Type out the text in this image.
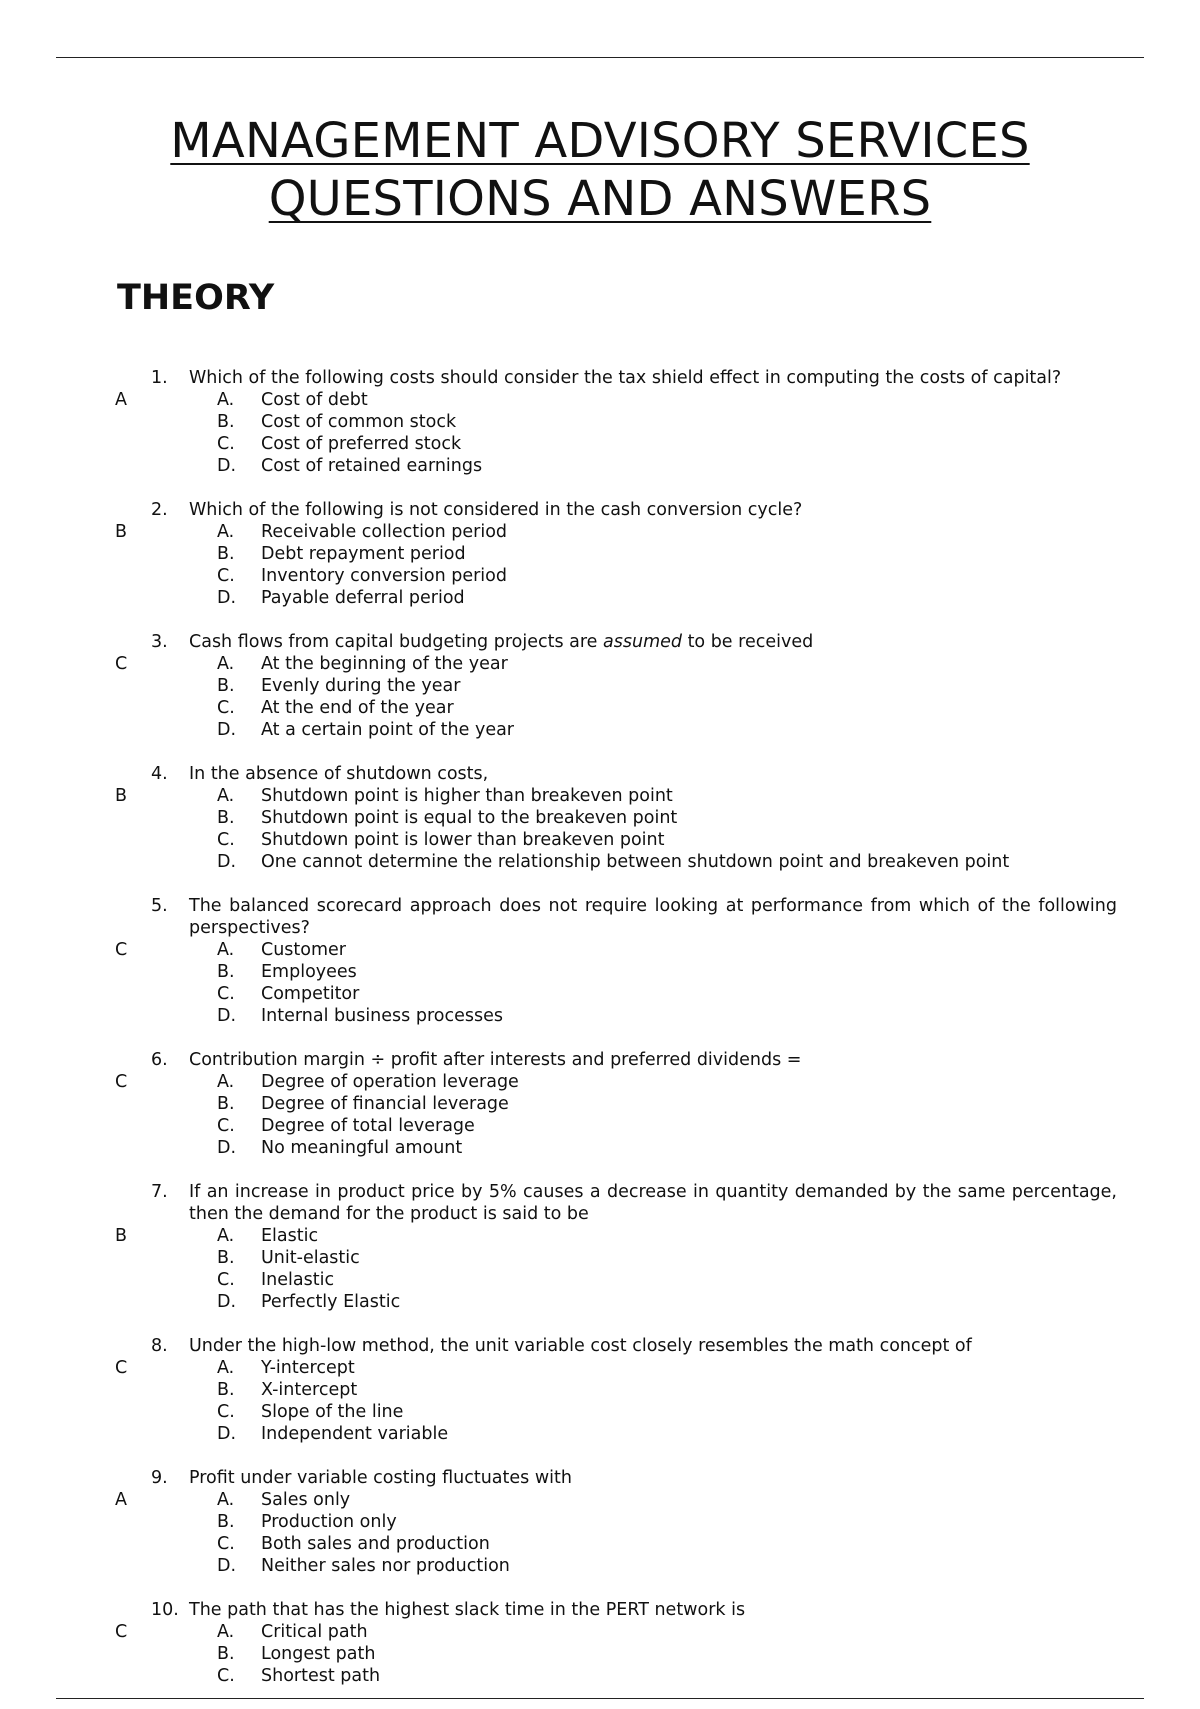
MANAGEMENT ADVISORY SERVICES
QUESTIONS AND ANSWERS
THEORY
1. Which of the following costs should consider the tax shield effect in computing the costs of capital?
A	A.	Cost of debt
B.	Cost of common stock
C.	Cost of preferred stock
D.	Cost of retained earnings
2. Which of the following is not considered in the cash conversion cycle?
B	A.	Receivable collection period
B.	Debt repayment period
C.	Inventory conversion period
D.	Payable deferral period
3. Cash flows from capital budgeting projects are assumed to be received
C	A.	At the beginning of the year
B.	Evenly during the year
C.	At the end of the year
D.	At a certain point of the year
4. In the absence of shutdown costs,
B	A.	Shutdown point is higher than breakeven point
B.	Shutdown point is equal to the breakeven point
C.	Shutdown point is lower than breakeven point
D.	One cannot determine the relationship between shutdown point and breakeven point
5. The balanced scorecard approach does not require looking at performance from which of the following perspectives?
C	A.	Customer
B.	Employees
C.	Competitor
D.	Internal business processes
6. Contribution margin ÷ profit after interests and preferred dividends =
C	A.	Degree of operation leverage
B.	Degree of financial leverage
C.	Degree of total leverage
D.	No meaningful amount
7. If an increase in product price by 5% causes a decrease in quantity demanded by the same percentage, then the demand for the product is said to be
B	A.	Elastic
B.	Unit-elastic
C.	Inelastic
D.	Perfectly Elastic
8. Under the high-low method, the unit variable cost closely resembles the math concept of
C	A.	Y-intercept
B.	X-intercept
C.	Slope of the line
D.	Independent variable
9. Profit under variable costing fluctuates with
A	A.	Sales only
B.	Production only
C.	Both sales and production
D.	Neither sales nor production
10. The path that has the highest slack time in the PERT network is
C	A.	Critical path
B.	Longest path
C.	Shortest path
